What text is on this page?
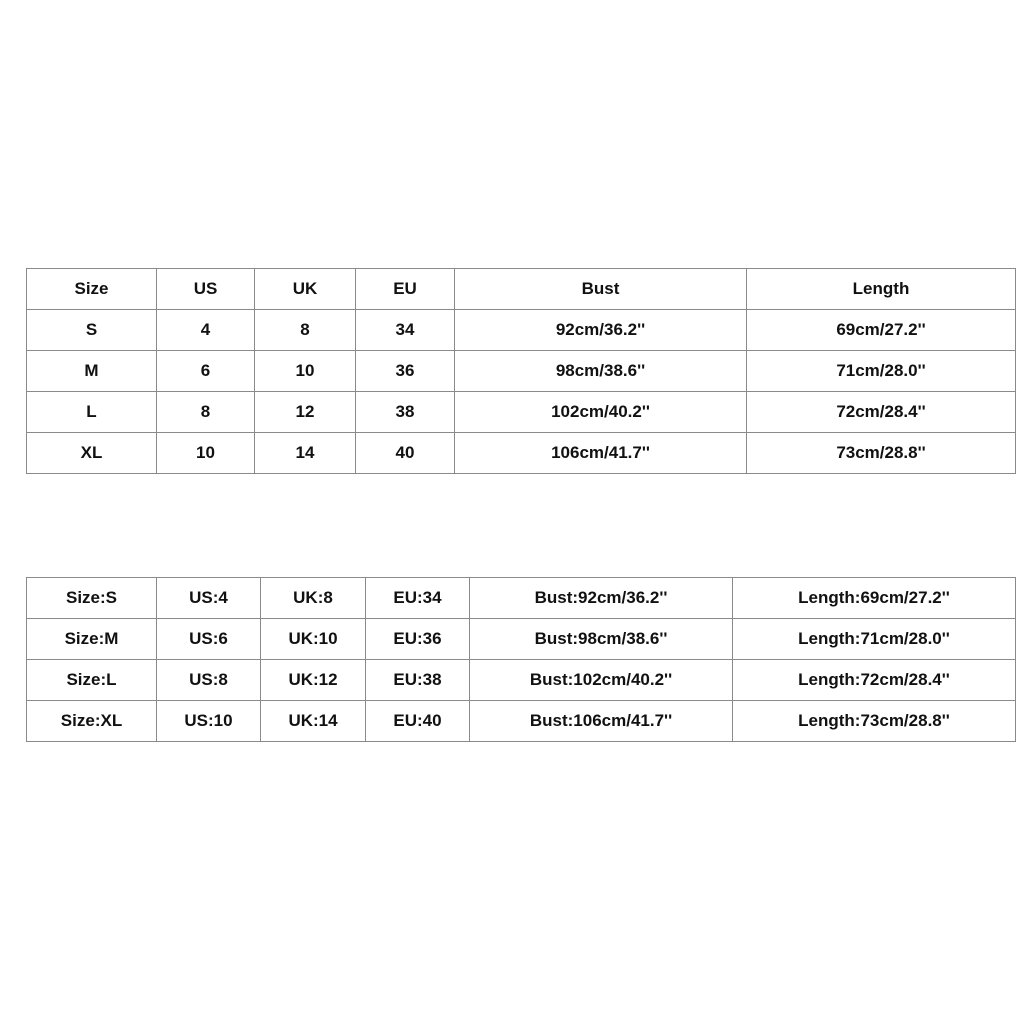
Size	US	UK	EU	Bust	Length
S	4	8	34	92cm/36.2''	69cm/27.2''
M	6	10	36	98cm/38.6''	71cm/28.0''
L	8	12	38	102cm/40.2''	72cm/28.4''
XL	10	14	40	106cm/41.7''	73cm/28.8''
Size:S	US:4	UK:8	EU:34	Bust:92cm/36.2''	Length:69cm/27.2''
Size:M	US:6	UK:10	EU:36	Bust:98cm/38.6''	Length:71cm/28.0''
Size:L	US:8	UK:12	EU:38	Bust:102cm/40.2''	Length:72cm/28.4''
Size:XL	US:10	UK:14	EU:40	Bust:106cm/41.7''	Length:73cm/28.8''
